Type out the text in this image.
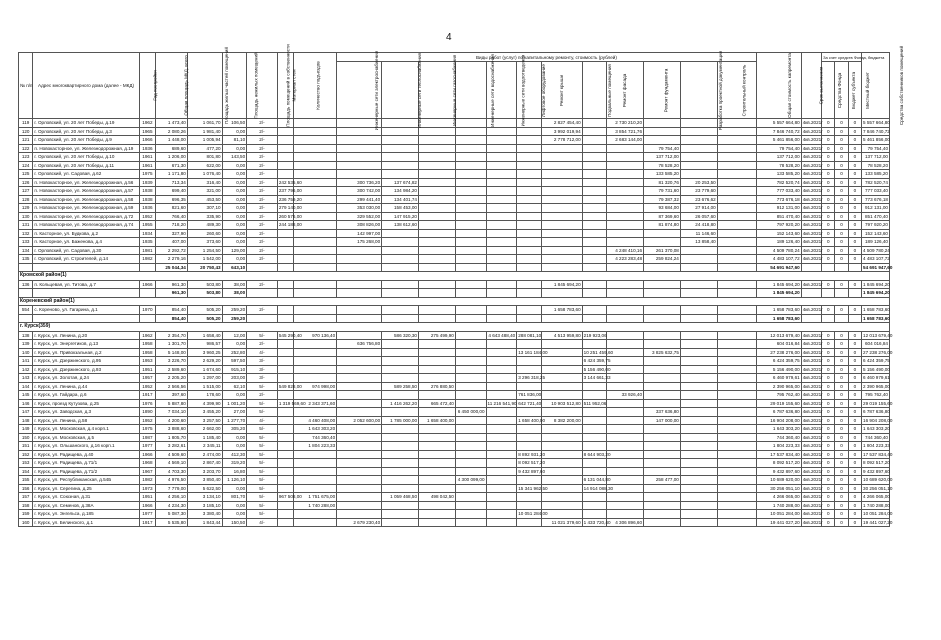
4
№ п/п	Адрес многоквартирного дома (далее - МКД)	Год постройки	Общая площадь МКД, всего	Площадь жилых частей помещений	Площадь нежилых помещений	Площадь помещений в собственности	Материал стен	Количество подъездов	Виды работ (услуг) по капитальному ремонту, стоимость (рублей)												Общая стоимость капремонта	Срок выполнения	За счет средств Фонда, бюджета			Средства собственников помещений
									Инженерные сети электроснабжения	Инженерные сети теплоснабжения	Инженерные сети газоснабжения	Инженерные сети водоснабжения	Инженерные сети водоотведения	Лифтовое оборудование	Ремонт крыши	Подвальные помещения	Ремонт фасада	Ремонт фундамента	Разработка проектной документации	Строительный контроль			Средства Фонда	Бюджет субъекта	Местный бюджет	
119	г. Орловский, ул. 20 лет Победы, д.19	1962	1 473,40	1 061,70	106,50	2/-									2 827 454,40		2 730 210,20				5 557 664,80	4кв.2021г	0	0	0	5 557 664,80
120	г. Орловский, ул. 20 лет Победы, д.3	1965	2 080,26	1 981,40	0,00	2/-									3 992 019,94		3 854 721,76				7 846 740,72	4кв.2021г	0	0	0	7 846 740,72
121	г. Орловский, ул. 20 лет Победы, д.9	1966	1 448,00	1 005,94	81,10	2/-									2 778 712,00		2 683 144,00				5 461 856,00	4кв.2021г	0	0	0	5 461 856,00
122	п. Новокасторное, ул. Железнодорожная, д.19	1936	689,60	477,20	0,00	2/-												79 754,40			79 754,40	4кв.2021г	0	0	0	79 754,40
123	г. Орловский, ул. 20 лет Победы, д.10	1961	1 206,00	801,80	143,50	2/-												137 712,00			137 712,00	4кв.2021г	0	0	0	137 712,00
124	г. Орловский, ул. 20 лет Победы, д.11	1961	671,30	622,00	0,00	2/-												78 528,20			78 528,20	4кв.2021г	0	0	0	78 528,20
125	г. Орловский, ул. Садовая, д.62	1975	1 171,80	1 076,40	0,00	2/-												133 585,20			133 585,20	4кв.2021г	0	0	0	133 585,20
126	п. Новокасторное, ул. Железнодорожная, д.56	1939	713,34	316,40	0,00	2/-	242 535,60		300 736,20	137 674,82								81 320,76	20 253,50		782 520,74	4кв.2021г	0	0	0	782 520,74
127	п. Новокасторное, ул. Железнодорожная, д.57	1938	699,40	321,00	0,00	2/-	237 796,00		300 742,00	134 984,20								79 731,60	23 779,60		777 033,40	4кв.2021г	0	0	0	777 033,40
128	п. Новокасторное, ул. Железнодорожная, д.58	1938	696,35	453,50	0,00	2/-	236 759,20		299 441,40	134 401,74								79 387,32	23 676,62		773 676,18	4кв.2021г	0	0	0	773 676,18
129	п. Новокасторное, ул. Железнодорожная, д.59	1936	821,60	307,10	0,00	2/-	279 140,00		353 030,00	158 453,00								93 684,00	27 914,00		912 131,00	4кв.2021г	0	0	0	912 131,00
130	п. Новокасторное, ул. Железнодорожная, д.72	1952	766,40	335,90	0,00	2/-	260 576,00		329 552,00	147 915,20								87 369,60	26 057,60		851 470,40	4кв.2021г	0	0	0	851 470,40
131	п. Новокасторное, ул. Железнодорожная, д.74	1955	718,20	489,30	0,00	2/-	244 188,00		308 826,00	138 612,60								81 874,80	24 418,80		797 920,20	4кв.2021г	0	0	0	797 920,20
132	п. Касторное, ул. Будкова, д.2	1934	327,90	260,60	0,00	2/-			142 997,00										11 146,60		152 143,60	4кв.2021г	0	0	0	152 143,60
133	п. Касторное, ул. Баженова, д.4	1935	407,00	373,60	0,00	2/-			175 268,00										13 858,40		189 126,40	4кв.2021г	0	0	0	189 126,40
134	г. Орловский, ул. Садовая, д.30	1981	2 292,72	1 254,50	129,00	2/-											4 248 410,16	261 370,08			4 509 780,24	4кв.2021г	0	0	0	4 509 780,24
135	г. Орловский, ул. Строителей, д.14	1982	2 279,16	1 542,00	0,00	2/-											4 223 283,48	259 824,24			4 483 107,72	4кв.2021г	0	0	0	4 483 107,72
			25 044,34	20 750,43	643,10																54 691 947,60					54 691 947,60
Кромской район(1)																										
136	п. Кольцевая, ул. Титова, д.7	1966	961,30	503,80	38,00	2/-									1 845 694,20						1 845 694,20	4кв.2021г	0	0	0	1 845 694,20
			961,30	503,80	38,00																1 845 694,20					1 845 694,20
Кореневский район(1)																										
554	с. Кореново, ул. Гагарина, д.1	1970	854,40	505,20	259,20	2/-									1 658 783,60						1 658 783,60	4кв.2021г	0	0	0	1 658 783,60
			854,40	505,20	259,20																1 658 783,60					1 658 783,60
г. Курск(359)																										
138	г. Курск, ул. Ленина, д.20	1962	2 354,70	1 658,40	12,00	5/-	545 290,40	970 136,40		586 320,30	275 499,90		4 643 488,40	288 081,10	4 513 959,80	219 923,06					12 013 679,40	4кв.2021г	0	0	0	12 013 679,40
139	г. Курск, ул. Энергетиков, д.13	1958	1 301,70	986,57	0,00	2/-			636 756,80												604 016,84	4кв.2021г	0	0	0	604 016,84
140	г. Курск, ул. Привокзальная, д.2	1958	5 148,00	3 960,25	252,80	4/-								13 161 184,00		10 251 459,60		3 825 632,75			27 238 276,00	4кв.2021г	0	0	0	27 238 276,00
141	г. Курск, ул. Дзержинского, д.95	1953	3 226,70	2 629,20	597,50	3/-										6 424 359,75					6 424 359,75	4кв.2021г	0	0	0	6 424 359,75
142	г. Курск, ул. Дзержинского, д.93	1951	2 589,60	1 674,60	915,10	3/-										5 156 490,00					5 156 490,00	4кв.2021г	0	0	0	5 156 490,00
143	г. Курск, ул. Золотая, д.24	1957	2 205,20	1 297,00	203,00	3/-								3 296 318,25		3 144 661,33					6 460 979,61	4кв.2021г	0	0	0	6 460 979,61
144	г. Курск, ул. Ленина, д.44	1952	2 566,56	1 515,00	62,10	5/-	549 828,00	974 998,00		589 258,50	276 880,50										2 390 965,00	4кв.2021г	0	0	0	2 390 965,00
145	г. Курск, ул. Гайдара, д.6	1917	397,60	178,60	0,00	2/-								761 836,00			33 926,40				795 762,40	4кв.2021г	0	0	0	795 762,40
146	г. Курск, проезд Кутузова, д.25	1976	5 887,80	4 399,90	1 001,20	5/-	1 319 569,60	2 343 371,60		1 416 262,20	665 472,40		11 216 541,90	642 721,40	10 903 512,80	511 952,06					29 019 155,60	4кв.2021г	0	0	0	29 019 155,60
147	г. Курск, ул. Заводская, д.3	1890	7 034,10	3 455,20	27,00	5/-						6 450 000,00						337 636,80			6 787 636,80	4кв.2021г	0	0	0	6 787 636,80
148	г. Курск, ул. Ленина, д.58	1952	4 200,60	3 257,50	1 277,70	4/-		4 460 408,00	2 052 600,00	1 785 000,00	1 658 400,00			1 658 400,00	8 382 200,00			147 000,00			16 904 208,00	4кв.2021г	0	0	0	16 904 208,00
149	г. Курск, ул. Московская, д.4 корп.1	1975	3 888,60	2 662,00	305,20	5/-		1 643 303,20													1 643 303,20	4кв.2021г	0	0	0	1 643 303,20
150	г. Курск, ул. Московская, д.5	1987	1 805,70	1 185,40	0,00	5/-		744 360,40													744 360,40	4кв.2021г	0	0	0	744 360,40
151	г. Курск, ул. Ольшанского, д.16 корп.1	1977	3 282,61	2 345,11	0,00	5/-		1 804 223,33													1 804 223,33	4кв.2021г	0	0	0	1 804 223,33
152	г. Курск, ул. Радищева, д.40	1966	4 509,60	2 474,00	412,30	5/-								8 892 931,20		8 644 903,20					17 537 834,40	4кв.2021г	0	0	0	17 537 834,40
153	г. Курск, ул. Радищева, д.71/1	1968	4 569,10	2 867,40	319,20	5/-								8 092 517,20							8 092 517,20	4кв.2021г	0	0	0	8 092 517,20
154	г. Курск, ул. Радищева, д.71/2	1967	4 703,30	3 203,70	16,80	5/-								9 432 897,60							9 432 897,60	4кв.2021г	0	0	0	9 432 897,60
155	г. Курск, ул. Республиканская, д.54Б	1982	4 976,50	3 850,40	1 126,10	5/-						4 300 099,00				6 131 044,80		258 477,00			10 689 620,00	4кв.2021г	0	0	0	10 689 620,00
156	г. Курск, ул. Серегина, д.25	1973	7 779,00	5 622,50	0,00	5/-								15 341 962,50		14 914 088,30					30 256 051,10	4кв.2021г	0	0	0	30 256 051,10
157	г. Курск, ул. Союзная, д.31	1951	4 256,10	3 134,10	801,70	5/-	967 508,00	1 751 675,00		1 059 468,50	498 042,50										4 266 065,00	4кв.2021г	0	0	0	4 266 065,00
158	г. Курск, ул. Семенов, д.38А	1966	4 234,30	3 185,10	0,00	5/-		1 740 288,00													1 740 288,00	4кв.2021г	0	0	0	1 740 288,00
159	г. Курск, ул. Энгельса, д.185	1977	5 087,30	3 380,40	0,00	5/-								10 051 284,00							10 051 284,00	4кв.2021г	0	0	0	10 051 284,00
160	г. Курск, ул. Белинского, д.1	1917	5 535,80	1 843,44	150,50	4/-			2 679 230,40						11 021 379,60	1 433 720,40	4 306 896,60				19 441 027,20	4кв.2021г	0	0	0	19 441 027,20
